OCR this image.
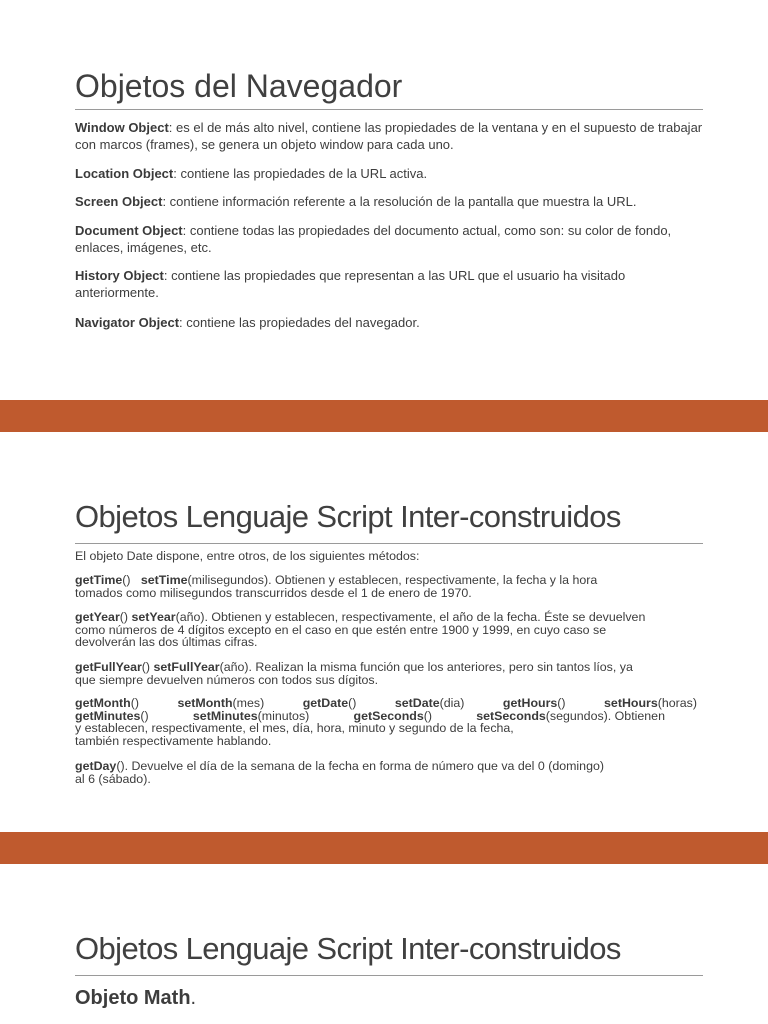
Objetos del Navegador

Window Object: es el de más alto nivel, contiene las propiedades de la ventana y en el supuesto de trabajar con marcos (frames), se genera un objeto window para cada uno.

Location Object: contiene las propiedades de la URL activa.

Screen Object: contiene información referente a la resolución de la pantalla que muestra la URL.

Document Object: contiene todas las propiedades del documento actual, como son: su color de fondo, enlaces, imágenes, etc.

History Object: contiene las propiedades que representan a las URL que el usuario ha visitado anteriormente.

Navigator Object: contiene las propiedades del navegador.

Objetos Lenguaje Script Inter-construidos

El objeto Date dispone, entre otros, de los siguientes métodos:

getTime() setTime(milisegundos). Obtienen y establecen, respectivamente, la fecha y la hora
tomados como milisegundos transcurridos desde el 1 de enero de 1970.

getYear() setYear(año). Obtienen y establecen, respectivamente, el año de la fecha. Éste se devuelven
como números de 4 dígitos excepto en el caso en que estén entre 1900 y 1999, en cuyo caso se
devolverán las dos últimas cifras.

getFullYear() setFullYear(año). Realizan la misma función que los anteriores, pero sin tantos líos, ya
que siempre devuelven números con todos sus dígitos.

getMonth()	setMonth(mes)	getDate()	setDate(dia)	getHours()	setHours(horas)
getMinutes()	setMinutes(minutos)	getSeconds()	setSeconds(segundos). Obtienen
y establecen, respectivamente, el mes, día, hora, minuto y segundo de la fecha,
también respectivamente hablando.

getDay(). Devuelve el día de la semana de la fecha en forma de número que va del 0 (domingo)
al 6 (sábado).

Objetos Lenguaje Script Inter-construidos

Objeto Math.
